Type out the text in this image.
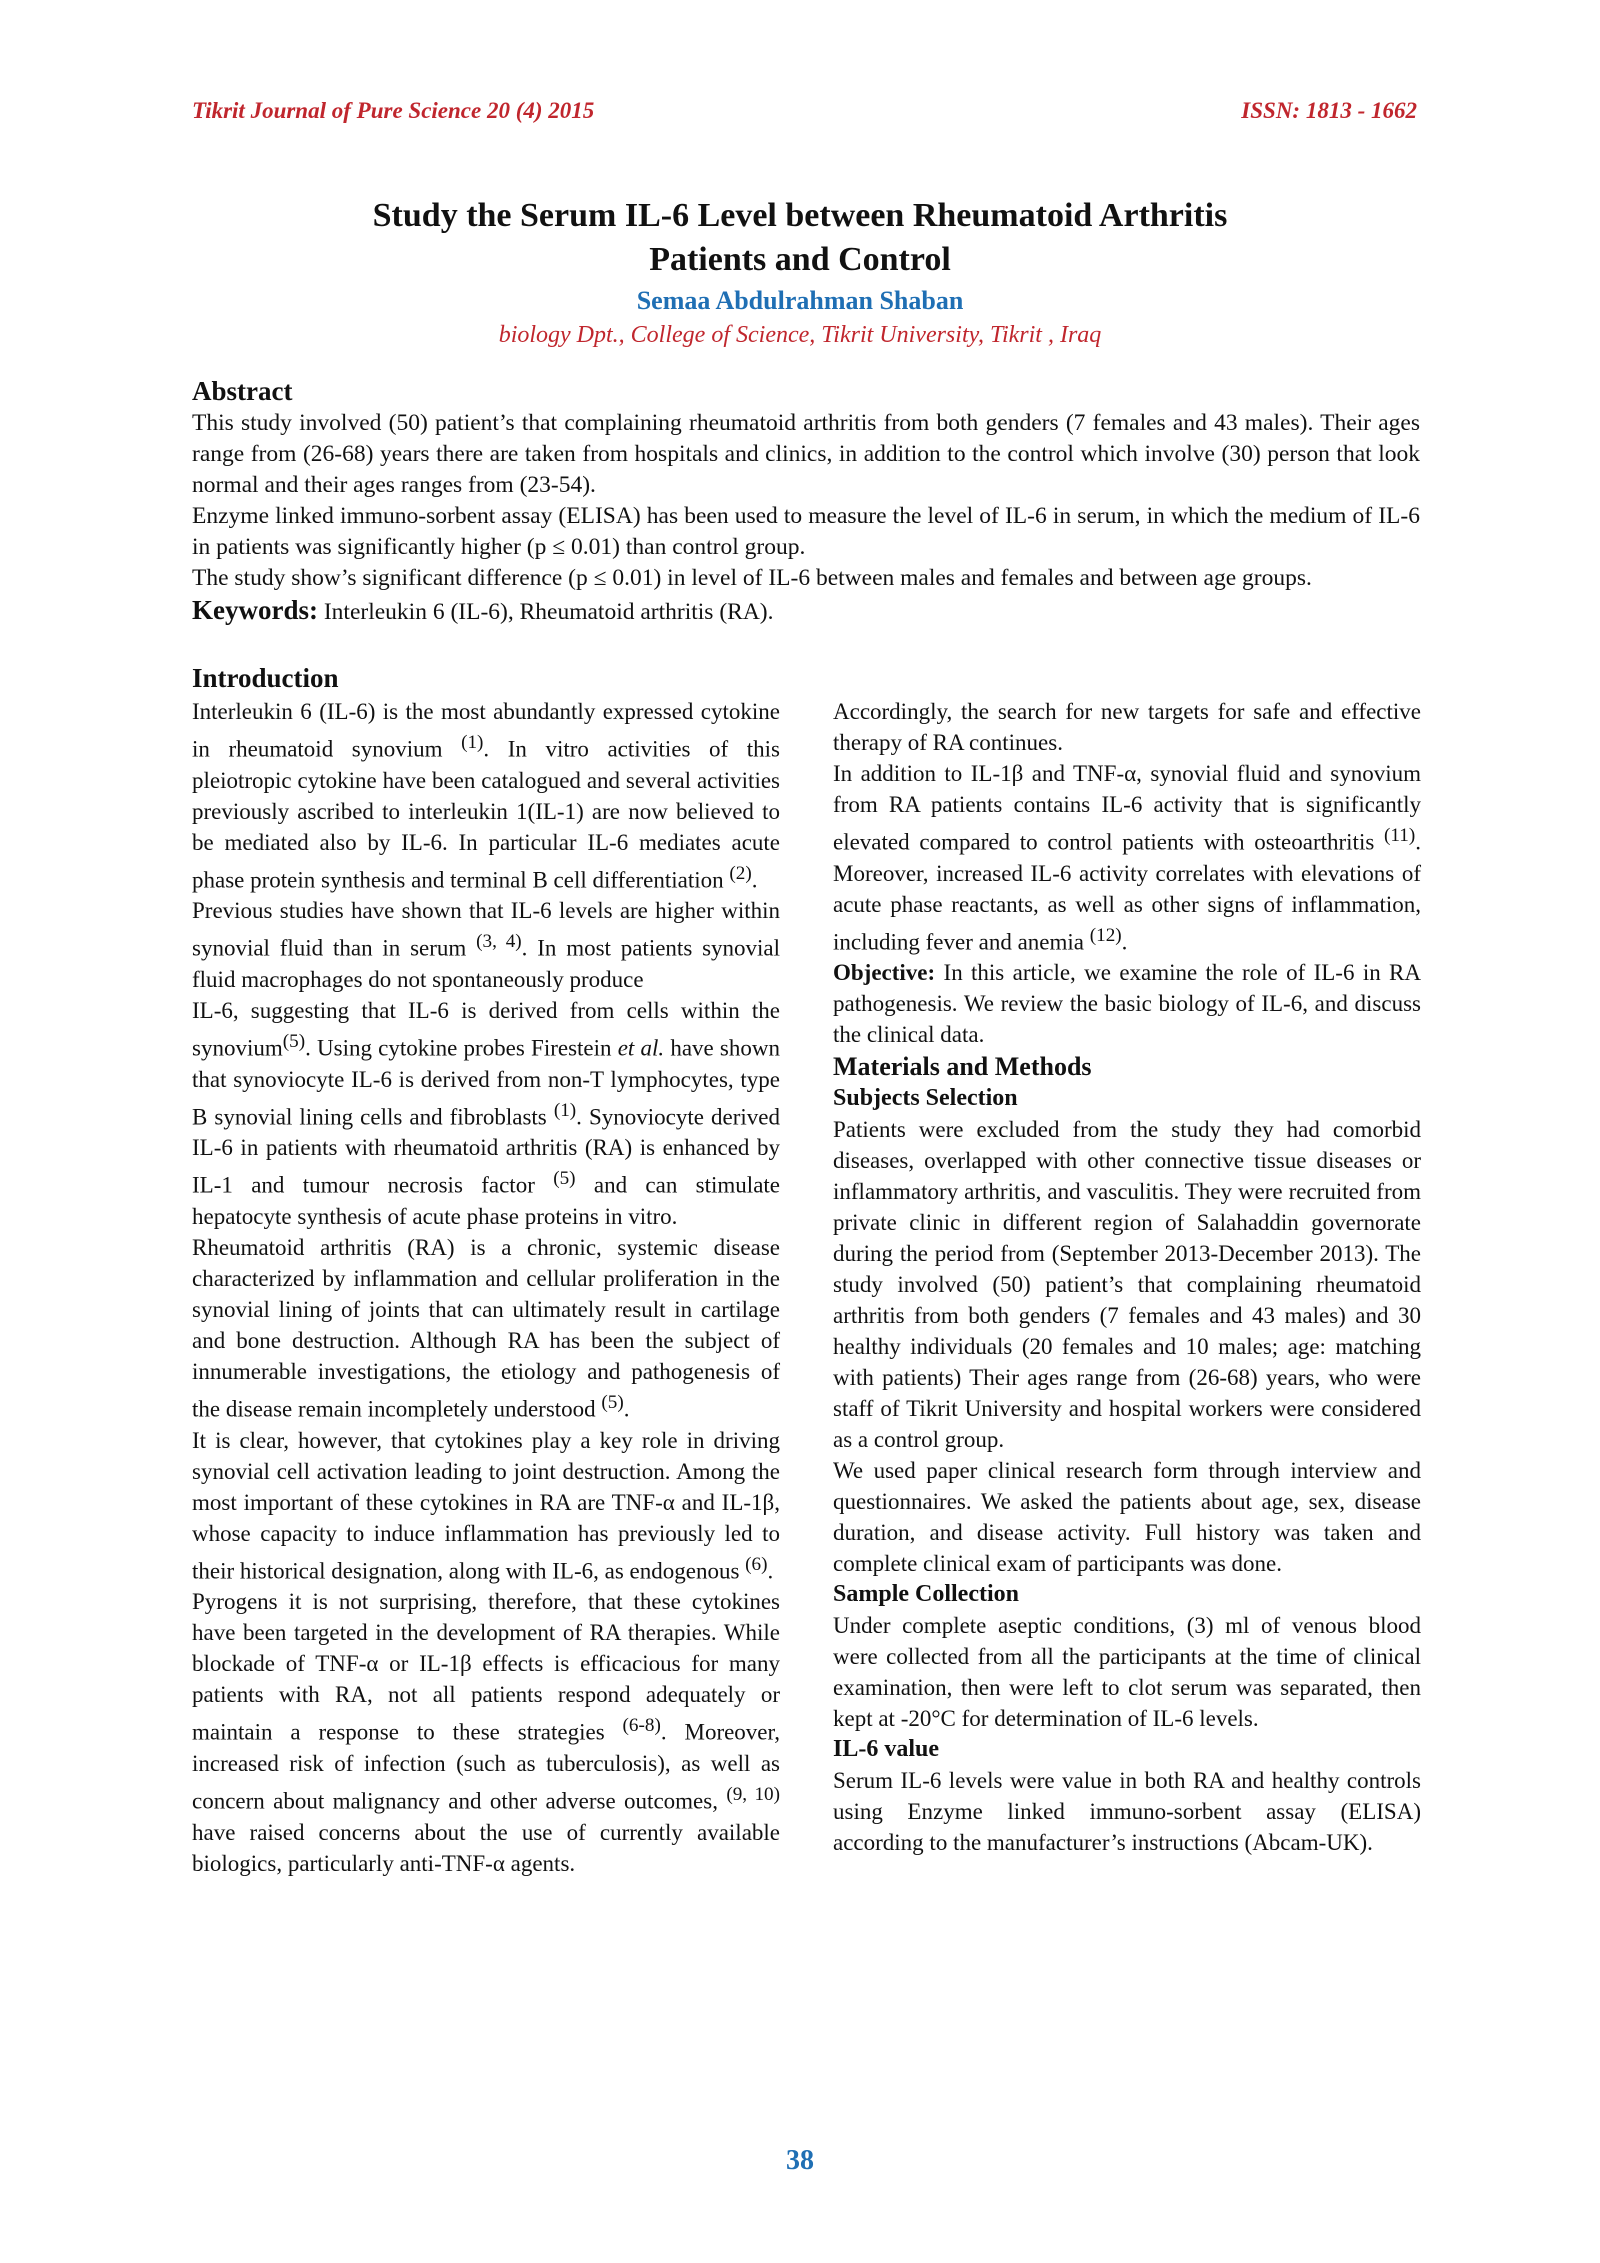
Tikrit Journal of Pure Science 20 (4) 2015	ISSN: 1813 - 1662

Study the Serum IL-6 Level between Rheumatoid Arthritis
Patients and Control

Semaa Abdulrahman Shaban

biology Dpt., College of Science, Tikrit University, Tikrit , Iraq

Abstract

This study involved (50) patient’s that complaining rheumatoid arthritis from both genders (7 females and 43 males). Their ages range from (26-68) years there are taken from hospitals and clinics, in addition to the control which involve (30) person that look normal and their ages ranges from (23-54).

Enzyme linked immuno-sorbent assay (ELISA) has been used to measure the level of IL-6 in serum, in which the medium of IL-6 in patients was significantly higher (p ≤ 0.01) than control group.

The study show’s significant difference (p ≤ 0.01) in level of IL-6 between males and females and between age groups.

Keywords: Interleukin 6 (IL-6), Rheumatoid arthritis (RA).

Introduction

Interleukin 6 (IL-6) is the most abundantly expressed cytokine in rheumatoid synovium $^{(1)}$. In vitro activities of this pleiotropic cytokine have been catalogued and several activities previously ascribed to interleukin 1(IL-1) are now believed to be mediated also by IL-6. In particular IL-6 mediates acute phase protein synthesis and terminal B cell differentiation $^{(2)}$.

Previous studies have shown that IL-6 levels are higher within synovial fluid than in serum $^{(3, 4)}$. In most patients synovial fluid macrophages do not spontaneously produce

IL-6, suggesting that IL-6 is derived from cells within the synovium$^{(5)}$. Using cytokine probes Firestein et al. have shown that synoviocyte IL-6 is derived from non-T lymphocytes, type B synovial lining cells and fibroblasts $^{(1)}$. Synoviocyte derived IL-6 in patients with rheumatoid arthritis (RA) is enhanced by IL-1 and tumour necrosis factor $^{(5)}$ and can stimulate hepatocyte synthesis of acute phase proteins in vitro.

Rheumatoid arthritis (RA) is a chronic, systemic disease characterized by inflammation and cellular proliferation in the synovial lining of joints that can ultimately result in cartilage and bone destruction. Although RA has been the subject of innumerable investigations, the etiology and pathogenesis of the disease remain incompletely understood $^{(5)}$.

It is clear, however, that cytokines play a key role in driving synovial cell activation leading to joint destruction. Among the most important of these cytokines in RA are TNF-α and IL-1β, whose capacity to induce inflammation has previously led to their historical designation, along with IL-6, as endogenous $^{(6)}$.

Pyrogens it is not surprising, therefore, that these cytokines have been targeted in the development of RA therapies. While blockade of TNF-α or IL-1β effects is efficacious for many patients with RA, not all patients respond adequately or maintain a response to these strategies $^{(6-8)}$. Moreover, increased risk of infection (such as tuberculosis), as well as concern about malignancy and other adverse outcomes, $^{(9, 10)}$ have raised concerns about the use of currently available biologics, particularly anti-TNF-α agents.

Accordingly, the search for new targets for safe and effective therapy of RA continues.

In addition to IL-1β and TNF-α, synovial fluid and synovium from RA patients contains IL-6 activity that is significantly elevated compared to control patients with osteoarthritis $^{(11)}$. Moreover, increased IL-6 activity correlates with elevations of acute phase reactants, as well as other signs of inflammation, including fever and anemia $^{(12)}$.

Objective: In this article, we examine the role of IL-6 in RA pathogenesis. We review the basic biology of IL-6, and discuss the clinical data.

Materials and Methods

Subjects Selection

Patients were excluded from the study they had comorbid diseases, overlapped with other connective tissue diseases or inflammatory arthritis, and vasculitis. They were recruited from private clinic in different region of Salahaddin governorate during the period from (September 2013-December 2013). The study involved (50) patient’s that complaining rheumatoid arthritis from both genders (7 females and 43 males) and 30 healthy individuals (20 females and 10 males; age: matching with patients) Their ages range from (26-68) years, who were staff of Tikrit University and hospital workers were considered as a control group.

We used paper clinical research form through interview and questionnaires. We asked the patients about age, sex, disease duration, and disease activity. Full history was taken and complete clinical exam of participants was done.

Sample Collection

Under complete aseptic conditions, (3) ml of venous blood were collected from all the participants at the time of clinical examination, then were left to clot serum was separated, then kept at -20°C for determination of IL-6 levels.

IL-6 value

Serum IL-6 levels were value in both RA and healthy controls using Enzyme linked immuno-sorbent assay (ELISA) according to the manufacturer’s instructions (Abcam-UK).

38
